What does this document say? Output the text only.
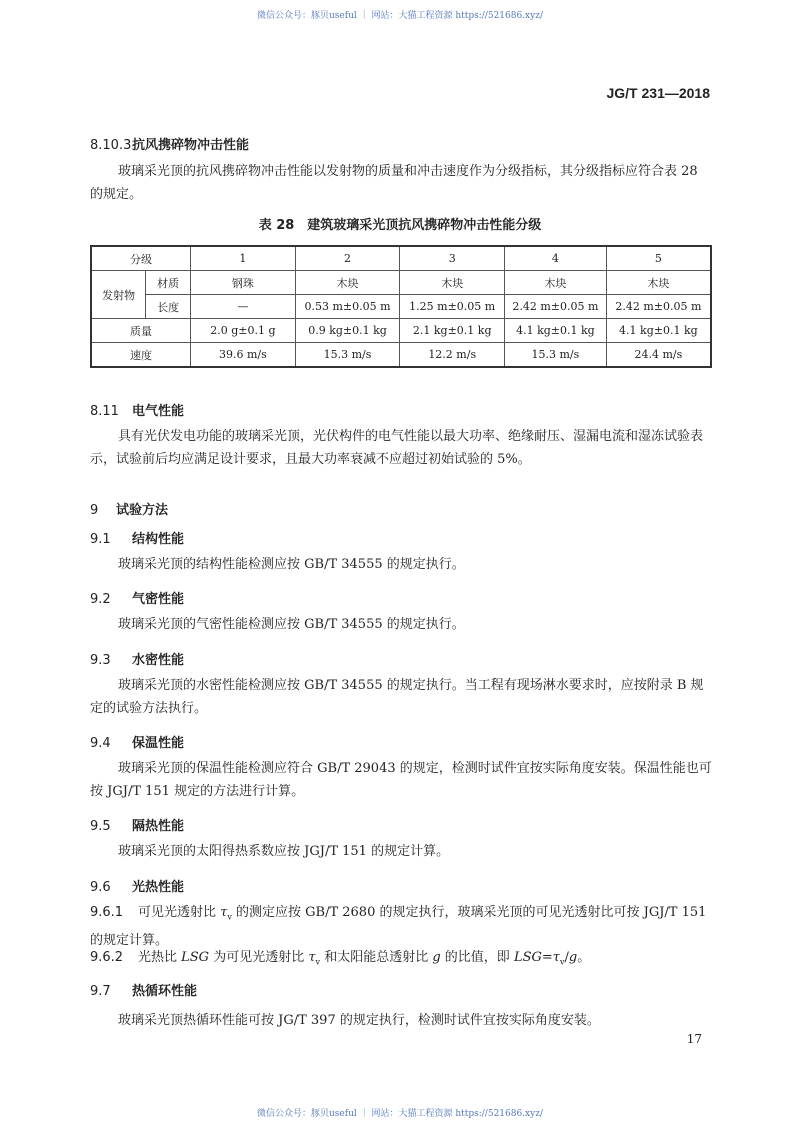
微信公众号：豚贝useful ｜ 网站：大猫工程资源 https://521686.xyz/
JG/T 231—2018
8.10.3抗风携碎物冲击性能
玻璃采光顶的抗风携碎物冲击性能以发射物的质量和冲击速度作为分级指标，其分级指标应符合表 28 的规定。
表 28　建筑玻璃采光顶抗风携碎物冲击性能分级
分级		1	2	3	4	5
发射物	材质	钢珠	木块	木块	木块	木块
	长度	—	0.53 m±0.05 m	1.25 m±0.05 m	2.42 m±0.05 m	2.42 m±0.05 m
质量		2.0 g±0.1 g	0.9 kg±0.1 kg	2.1 kg±0.1 kg	4.1 kg±0.1 kg	4.1 kg±0.1 kg
速度		39.6 m/s	15.3 m/s	12.2 m/s	15.3 m/s	24.4 m/s
8.11 电气性能
具有光伏发电功能的玻璃采光顶，光伏构件的电气性能以最大功率、绝缘耐压、湿漏电流和湿冻试验表示，试验前后均应满足设计要求，且最大功率衰减不应超过初始试验的 5%。
9 试验方法
9.1 结构性能
玻璃采光顶的结构性能检测应按 GB/T 34555 的规定执行。
9.2 气密性能
玻璃采光顶的气密性能检测应按 GB/T 34555 的规定执行。
9.3 水密性能
玻璃采光顶的水密性能检测应按 GB/T 34555 的规定执行。当工程有现场淋水要求时，应按附录 B 规定的试验方法执行。
9.4 保温性能
玻璃采光顶的保温性能检测应符合 GB/T 29043 的规定，检测时试件宜按实际角度安装。保温性能也可按 JGJ/T 151 规定的方法进行计算。
9.5 隔热性能
玻璃采光顶的太阳得热系数应按 JGJ/T 151 的规定计算。
9.6 光热性能
9.6.1 可见光透射比 $\tau_v$ 的测定应按 GB/T 2680 的规定执行，玻璃采光顶的可见光透射比可按 JGJ/T 151 的规定计算。
9.6.2 光热比 LSG 为可见光透射比 $\tau_v$ 和太阳能总透射比 g 的比值，即 $LSG=\tau_v/g$。
9.7 热循环性能
玻璃采光顶热循环性能可按 JG/T 397 的规定执行，检测时试件宜按实际角度安装。
17
微信公众号：豚贝useful ｜ 网站：大猫工程资源 https://521686.xyz/
